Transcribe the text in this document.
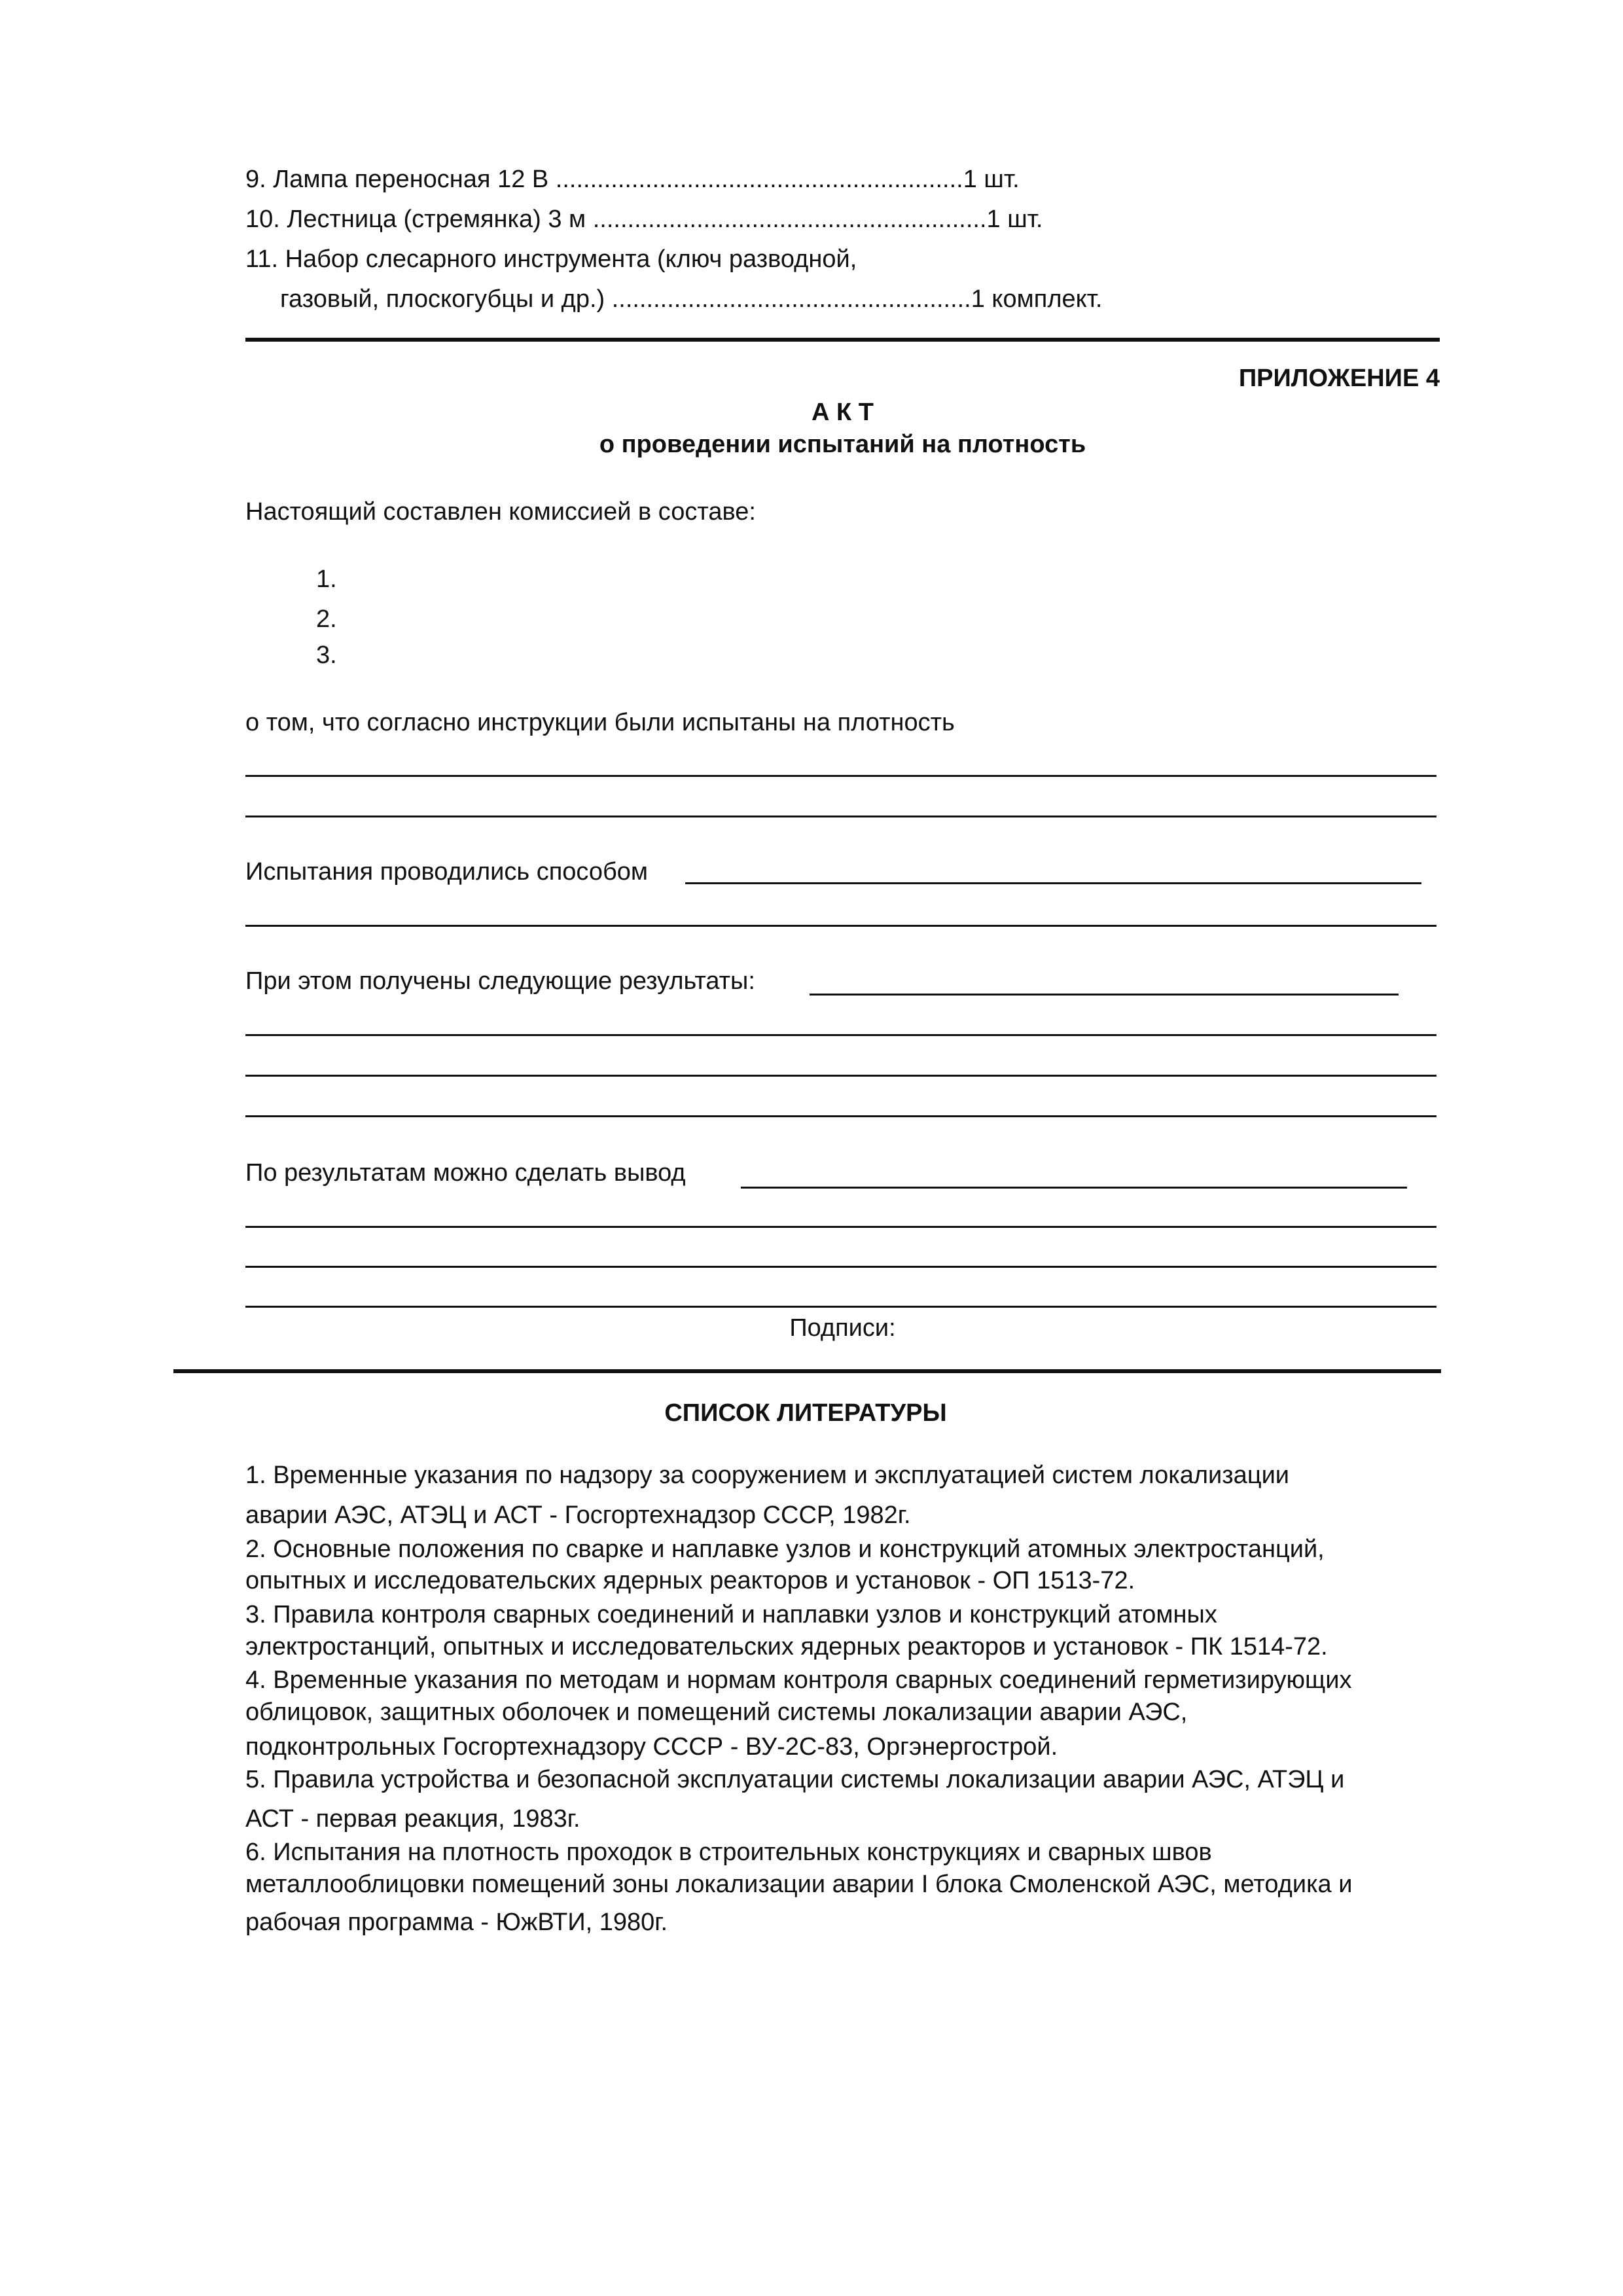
9. Лампа переносная 12 В ...........................................................1 шт.
10. Лестница (стремянка) 3 м .........................................................1 шт.
11. Набор слесарного инструмента (ключ разводной,
газовый, плоскогубцы и др.) ....................................................1 комплект.
ПРИЛОЖЕНИЕ 4
А К Т
о проведении испытаний на плотность
Настоящий составлен комиссией в составе:
1.
2.
3.
о том, что согласно инструкции были испытаны на плотность
Испытания проводились способом
При этом получены следующие результаты:
По результатам можно сделать вывод
Подписи:
СПИСОК ЛИТЕРАТУРЫ
1. Временные указания по надзору за сооружением и эксплуатацией систем локализации
аварии АЭС, АТЭЦ и АСТ - Госгортехнадзор СССР, 1982г.
2. Основные положения по сварке и наплавке узлов и конструкций атомных электростанций,
опытных и исследовательских ядерных реакторов и установок - ОП 1513-72.
3. Правила контроля сварных соединений и наплавки узлов и конструкций атомных
электростанций, опытных и исследовательских ядерных реакторов и установок - ПК 1514-72.
4. Временные указания по методам и нормам контроля сварных соединений герметизирующих
облицовок, защитных оболочек и помещений системы локализации аварии АЭС,
подконтрольных Госгортехнадзору СССР - ВУ-2С-83, Оргэнергострой.
5. Правила устройства и безопасной эксплуатации системы локализации аварии АЭС, АТЭЦ и
АСТ - первая реакция, 1983г.
6. Испытания на плотность проходок в строительных конструкциях и сварных швов
металлооблицовки помещений зоны локализации аварии I блока Смоленской АЭС, методика и
рабочая программа - ЮжВТИ, 1980г.
